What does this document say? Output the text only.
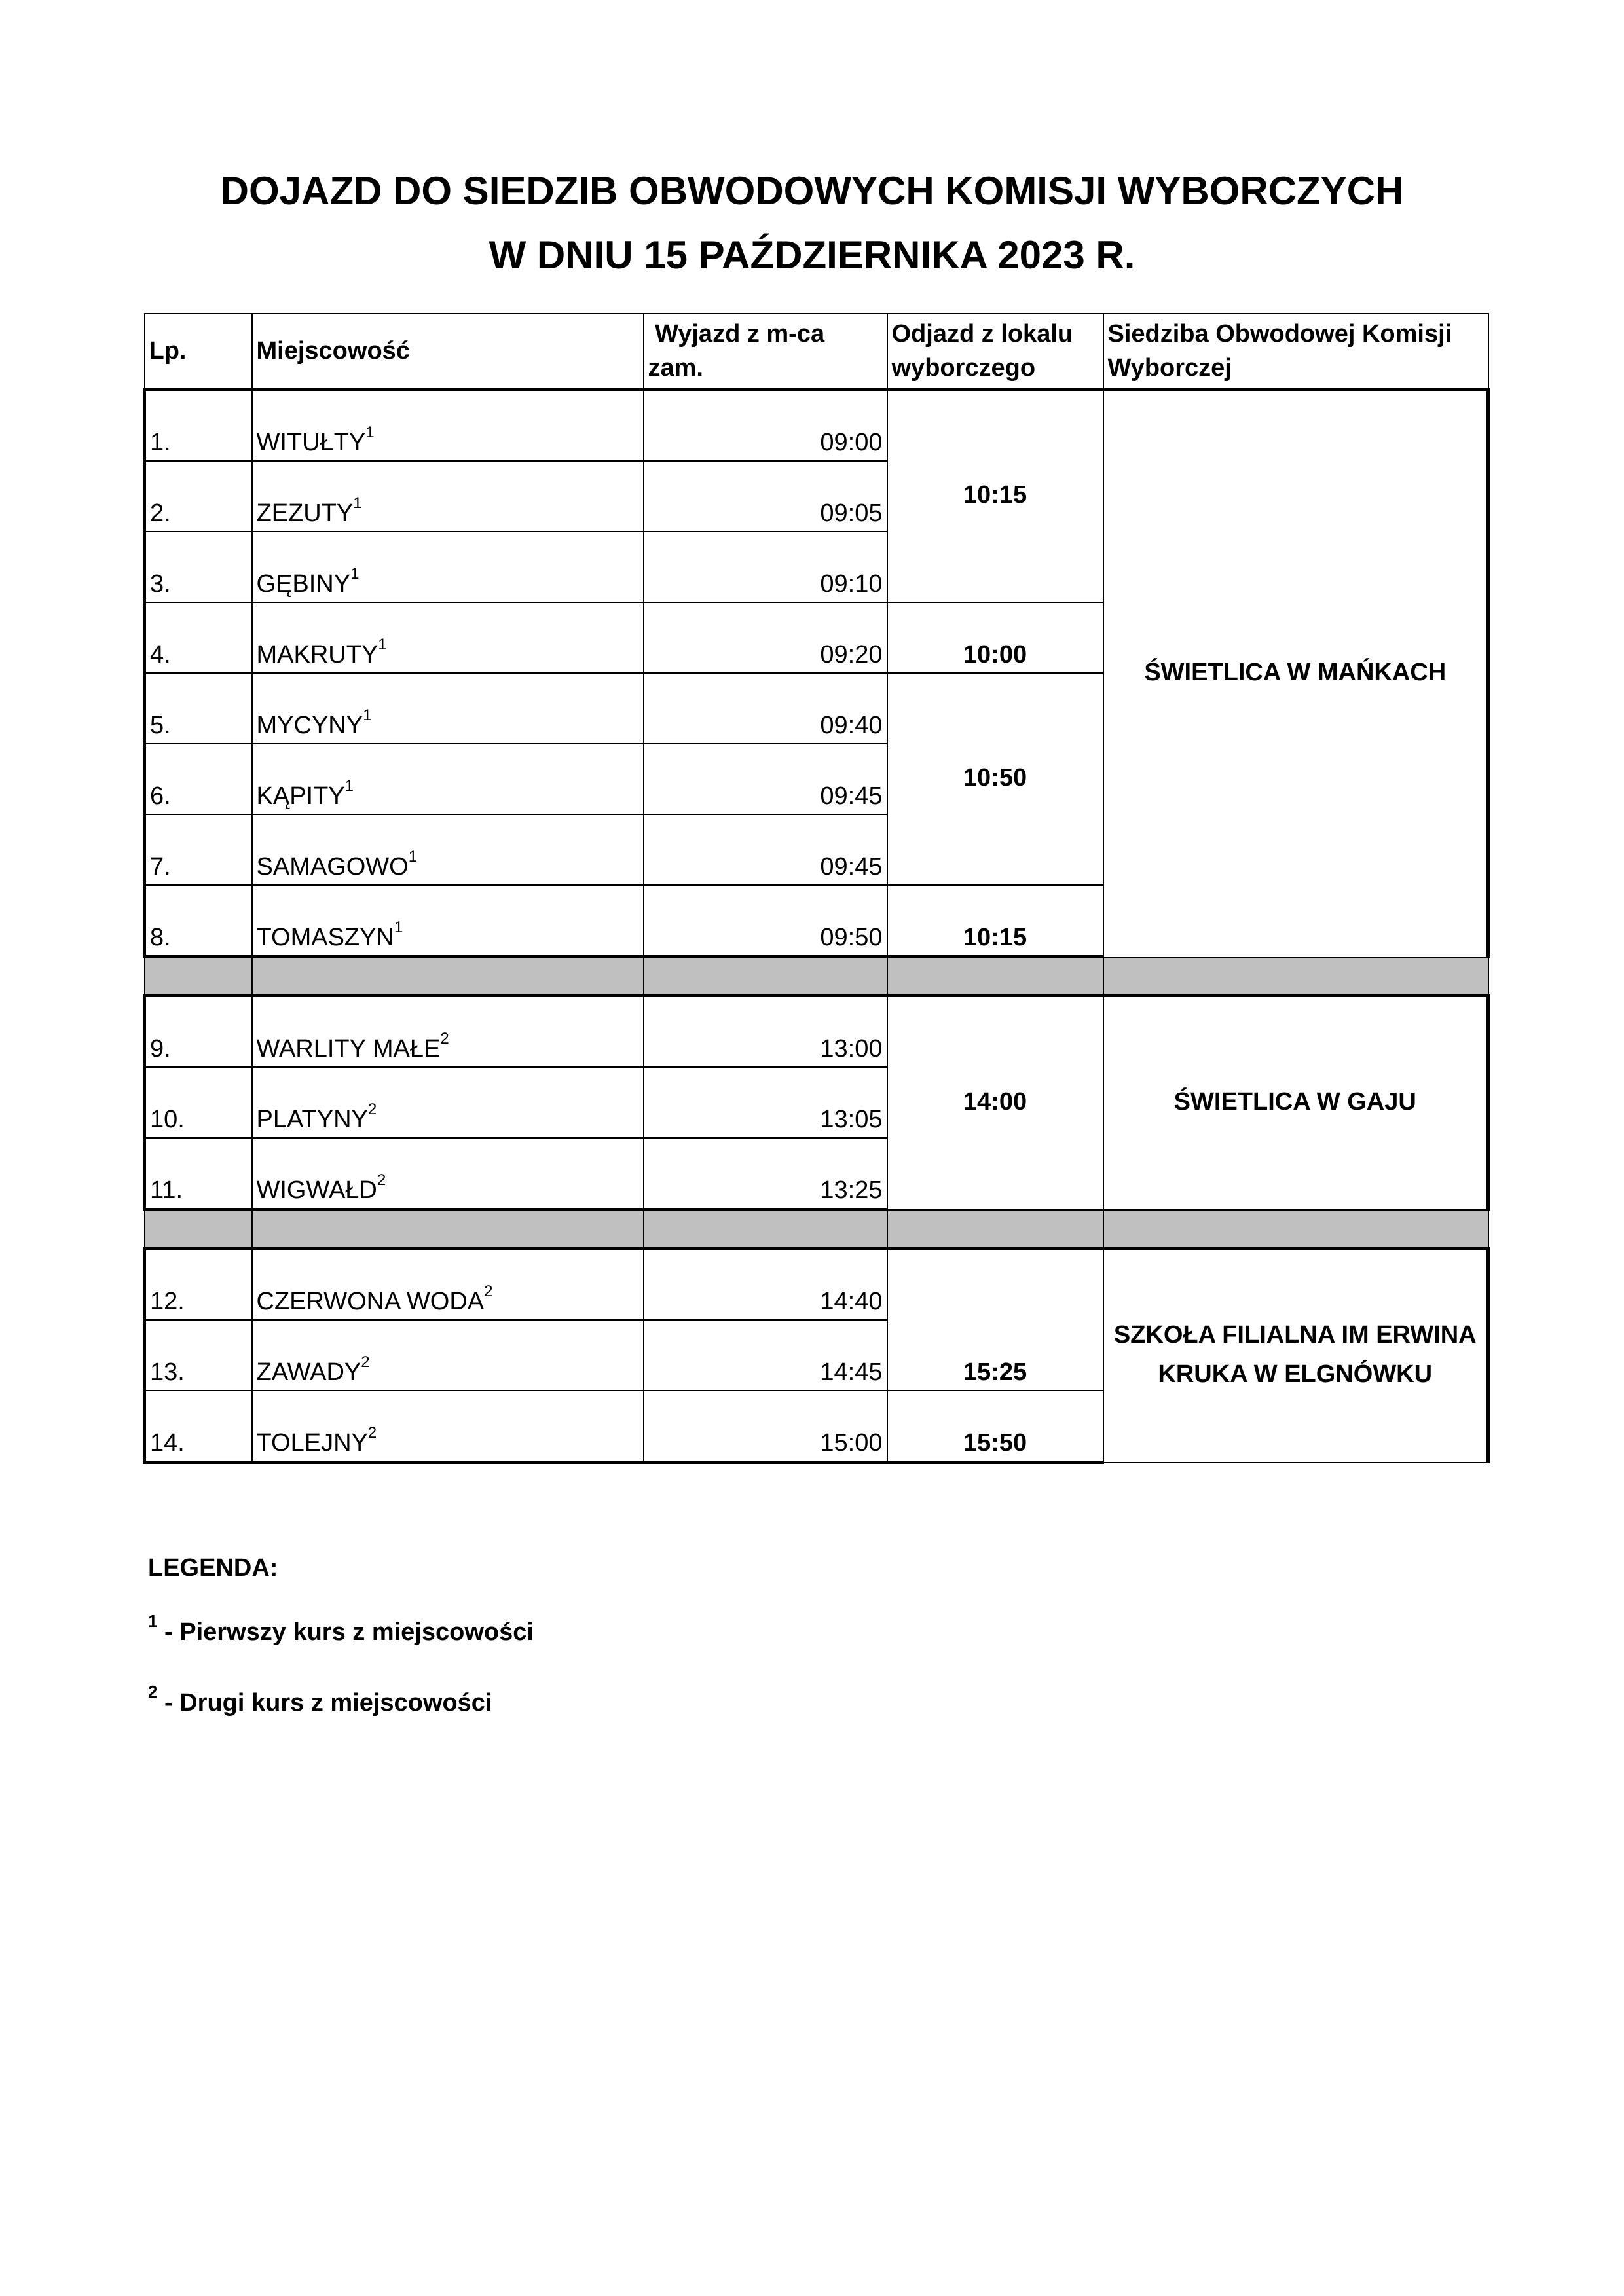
DOJAZD DO SIEDZIB OBWODOWYCH KOMISJI WYBORCZYCH
W DNIU 15 PAŹDZIERNIKA 2023 R.
Lp.	Miejscowość	Wyjazd z m-ca zam.	Odjazd z lokalu wyborczego	Siedziba Obwodowej Komisji Wyborczej
1.	WITUŁTY$^1$	09:00	10:15	ŚWIETLICA W MAŃKACH
2.	ZEZUTY$^1$	09:05		
3.	GĘBINY$^1$	09:10		
4.	MAKRUTY$^1$	09:20	10:00	
5.	MYCYNY$^1$	09:40	10:50	
6.	KĄPITY$^1$	09:45		
7.	SAMAGOWO$^1$	09:45		
8.	TOMASZYN$^1$	09:50	10:15	

9.	WARLITY MAŁE$^2$	13:00	14:00	ŚWIETLICA W GAJU
10.	PLATYNY$^2$	13:05		
11.	WIGWAŁD$^2$	13:25		

12.	CZERWONA WODA$^2$	14:40	15:25	SZKOŁA FILIALNA IM ERWINA KRUKA W ELGNÓWKU
13.	ZAWADY$^2$	14:45		
14.	TOLEJNY$^2$	15:00	15:50	
LEGENDA:
$^1$ - Pierwszy kurs z miejscowości
$^2$ - Drugi kurs z miejscowości
